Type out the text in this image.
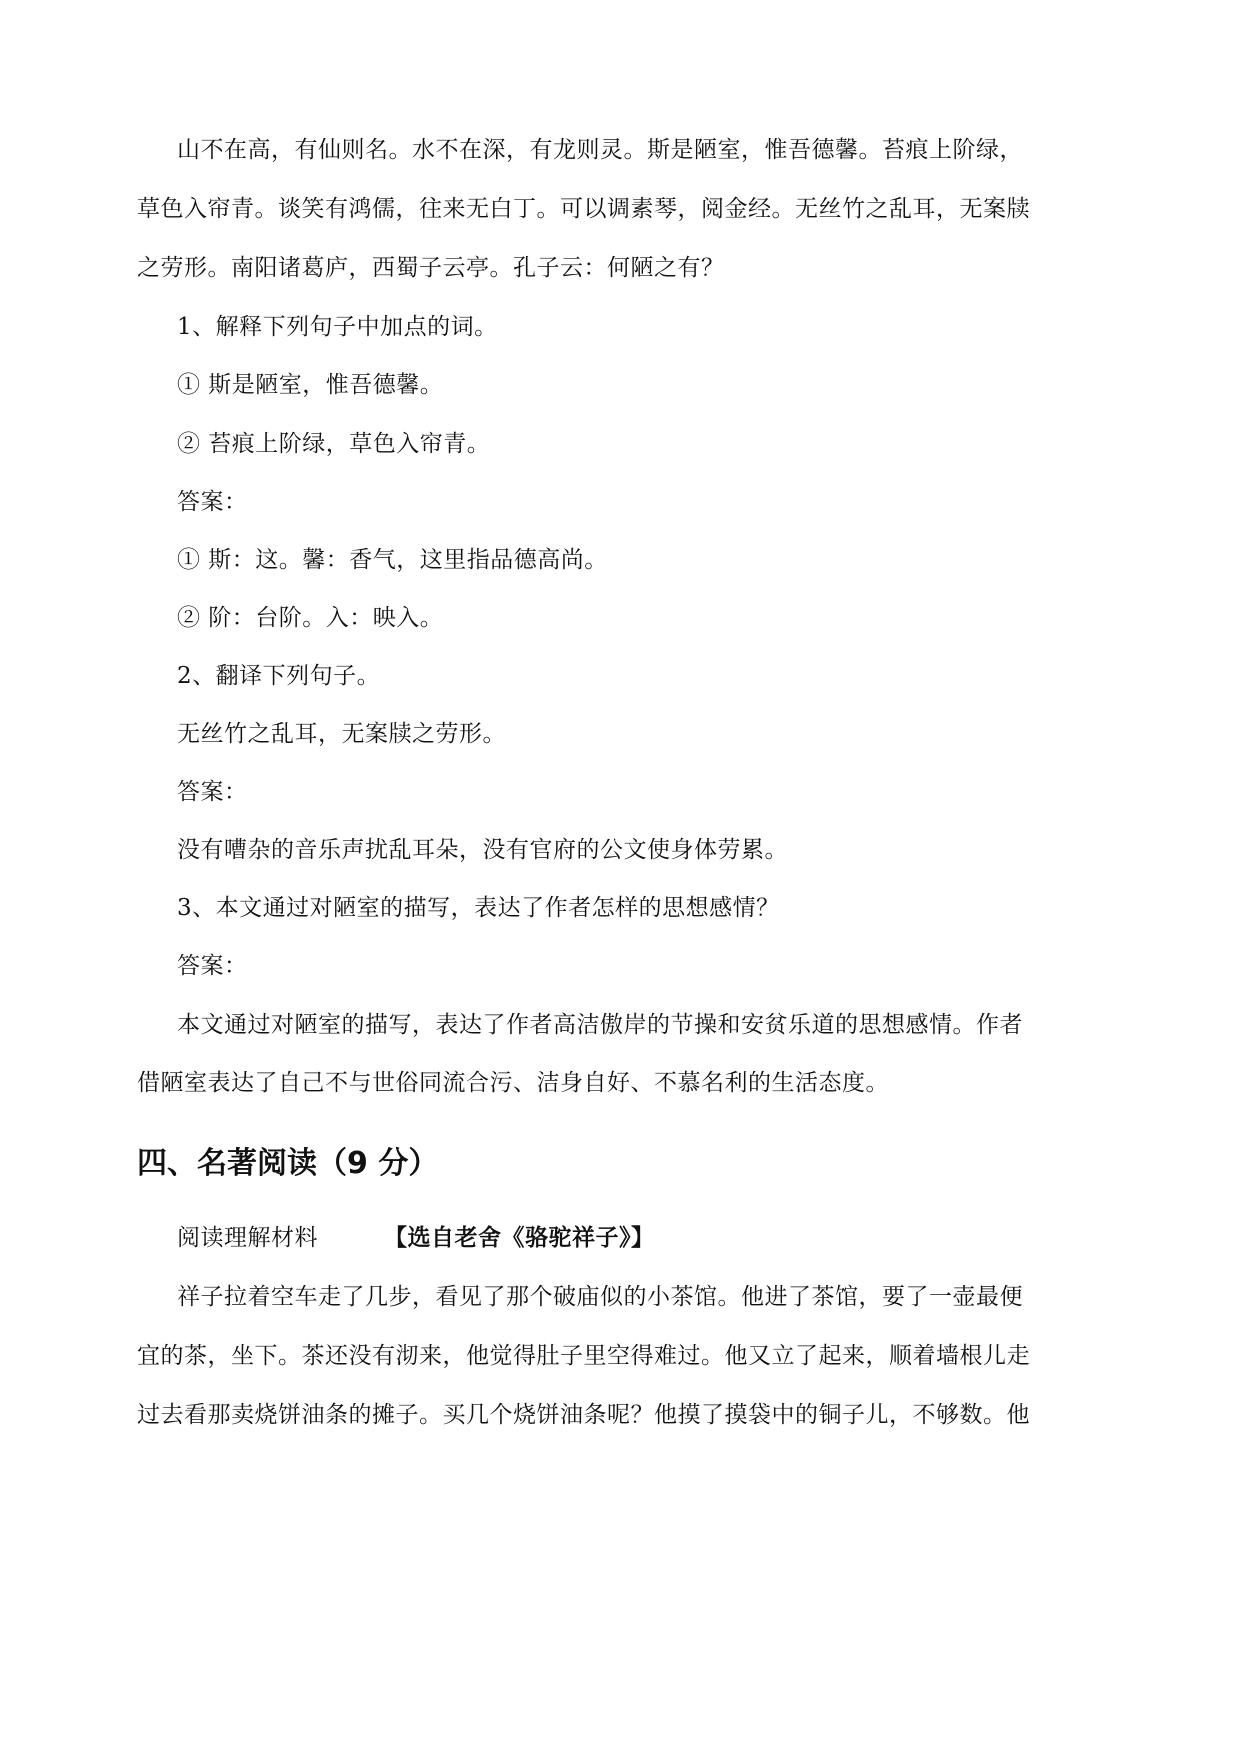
山不在高，有仙则名。水不在深，有龙则灵。斯是陋室，惟吾德馨。苔痕上阶绿，
草色入帘青。谈笑有鸿儒，往来无白丁。可以调素琴，阅金经。无丝竹之乱耳，无案牍
之劳形。南阳诸葛庐，西蜀子云亭。孔子云：何陋之有？
1、解释下列句子中加点的词。
① 斯是陋室，惟吾德馨。
② 苔痕上阶绿，草色入帘青。
答案：
① 斯：这。馨：香气，这里指品德高尚。
② 阶：台阶。入：映入。
2、翻译下列句子。
无丝竹之乱耳，无案牍之劳形。
答案：
没有嘈杂的音乐声扰乱耳朵，没有官府的公文使身体劳累。
3、本文通过对陋室的描写，表达了作者怎样的思想感情？
答案：
本文通过对陋室的描写，表达了作者高洁傲岸的节操和安贫乐道的思想感情。作者
借陋室表达了自己不与世俗同流合污、洁身自好、不慕名利的生活态度。
四、名著阅读（9 分）
阅读理解材料	【选自老舍《骆驼祥子》】
祥子拉着空车走了几步，看见了那个破庙似的小茶馆。他进了茶馆，要了一壶最便
宜的茶，坐下。茶还没有沏来，他觉得肚子里空得难过。他又立了起来，顺着墙根儿走
过去看那卖烧饼油条的摊子。买几个烧饼油条呢？他摸了摸袋中的铜子儿，不够数。他
